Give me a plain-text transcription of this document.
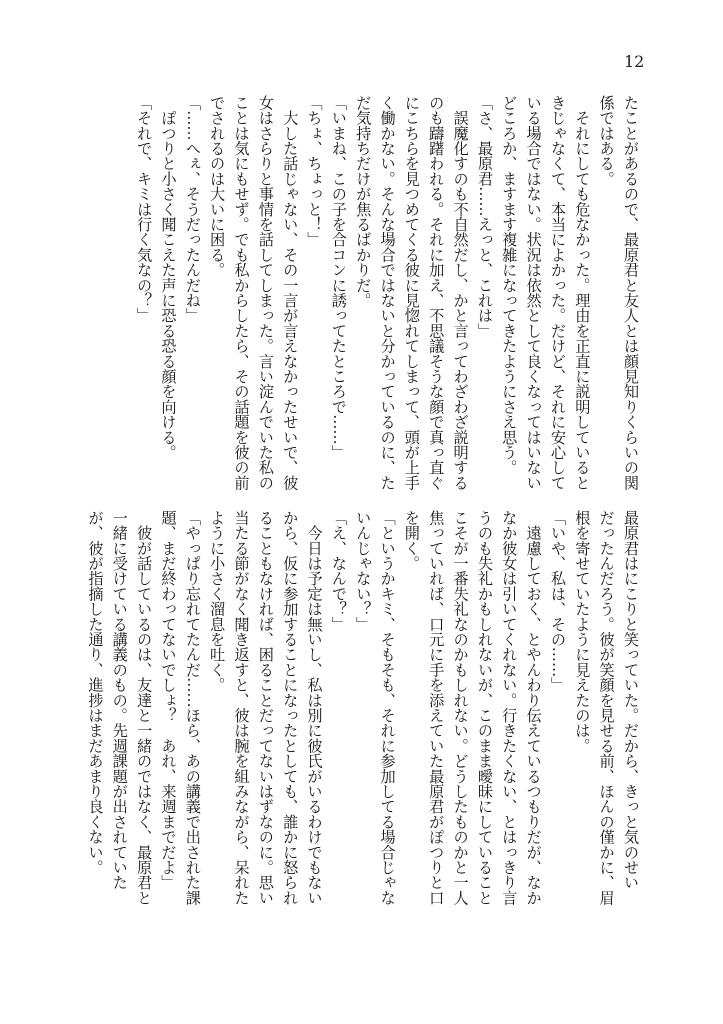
12
たことがあるので、最原君と友人とは顔見知りくらいの関
係ではある。
　それにしても危なかった。理由を正直に説明していると
きじゃなくて、本当によかった。だけど、それに安心して
いる場合ではない。状況は依然として良くなってはいない
どころか、ますます複雑になってきたようにさえ思う。
「さ、最原君……えっと、これは」
　誤魔化すのも不自然だし、かと言ってわざわざ説明する
のも躊躇われる。それに加え、不思議そうな顔で真っ直ぐ
にこちらを見つめてくる彼に見惚れてしまって、頭が上手
く働かない。そんな場合ではないと分かっているのに、た
だ気持ちだけが焦るばかりだ。
「いまね、この子を合コンに誘ってたところで……」
「ちょ、ちょっと！」
　大した話じゃない、その一言が言えなかったせいで、彼
女はさらりと事情を話してしまった。言い淀んでいた私の
ことは気にもせず。でも私からしたら、その話題を彼の前
でされるのは大いに困る。
「……へぇ、そうだったんだね」
　ぽつりと小さく聞こえた声に恐る恐る顔を向ける。
「それで、キミは行く気なの？」
最原君はにこりと笑っていた。だから、きっと気のせい
だったんだろう。彼が笑顔を見せる前、ほんの僅かに、眉
根を寄せていたように見えたのは。
「いや、私は、その……」
　遠慮しておく、とやんわり伝えているつもりだが、なか
なか彼女は引いてくれない。行きたくない、とはっきり言
うのも失礼かもしれないが、このまま曖昧にしていること
こそが一番失礼なのかもしれない。どうしたものかと一人
焦っていれば、口元に手を添えていた最原君がぽつりと口
を開く。
「というかキミ、そもそも、それに参加してる場合じゃな
いんじゃない？」
「え、なんで？」
　今日は予定は無いし、私は別に彼氏がいるわけでもない
から、仮に参加することになったとしても、誰かに怒られ
ることもなければ、困ることだってないはずなのに。思い
当たる節がなく聞き返すと、彼は腕を組みながら、呆れた
ように小さく溜息を吐く。
「やっぱり忘れてたんだ……ほら、あの講義で出された課
題、まだ終わってないでしょ？　あれ、来週までだよ」
　彼が話しているのは、友達と一緒のではなく、最原君と
一緒に受けている講義のもの。先週課題が出されていた
が、彼が指摘した通り、進捗はまだあまり良くない。
